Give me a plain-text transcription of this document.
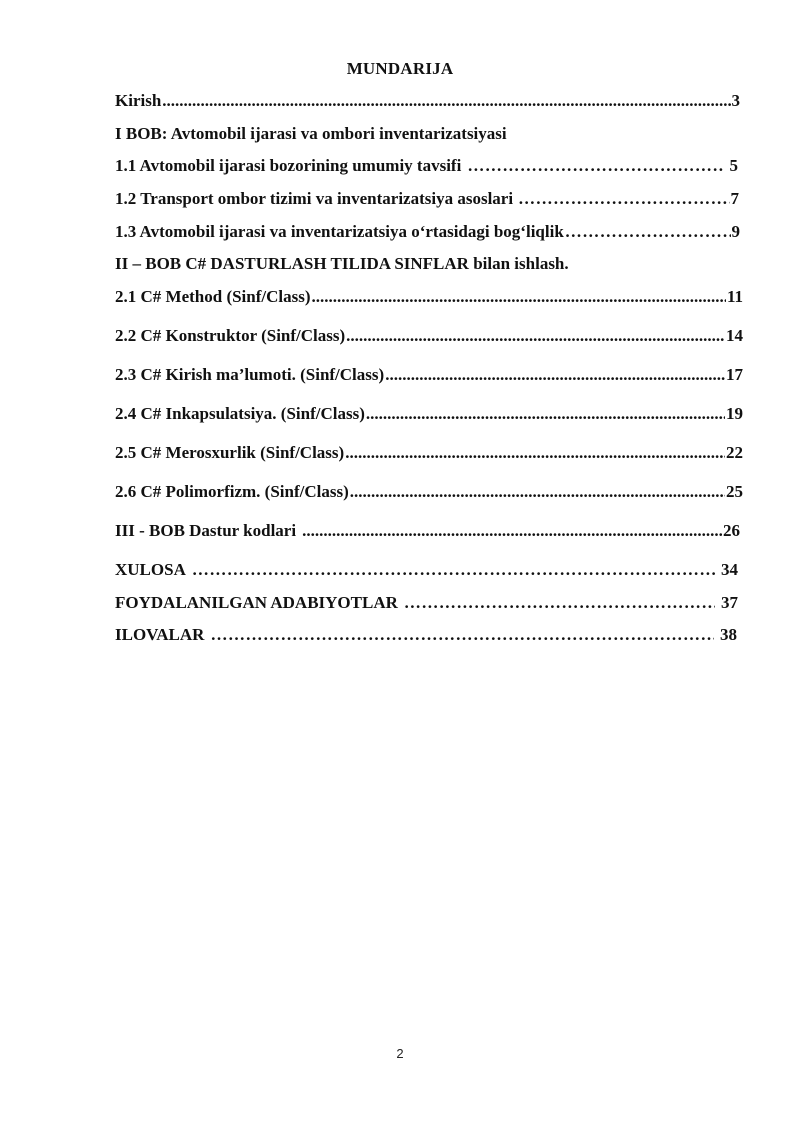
MUNDARIJA
Kirish .....	3
I BOB: Avtomobil ijarasi va ombori inventarizatsiyasi
1.1 Avtomobil ijarasi bozorining umumiy tavsifi …………………………………………………………………………………………………………………………………………………………………………	5
1.2 Transport ombor tizimi va inventarizatsiya asoslari …………………………………………………………………………………………………………………………………………………………………………	7
1.3 Avtomobil ijarasi va inventarizatsiya o‘rtasidagi bog‘liqlik …………………………………………………………………………………………………………………………………………………………………………	9
II – BOB C# DASTURLASH TILIDA SINFLAR bilan ishlash.
2.1 C# Method (Sinf/Class) .....	11
2.2 C# Konstruktor (Sinf/Class) .....	14
2.3 C# Kirish ma’lumoti. (Sinf/Class) .....	17
2.4 C# Inkapsulatsiya. (Sinf/Class) .....	19
2.5 C# Merosxurlik (Sinf/Class) .....	22
2.6 C# Polimorfizm. (Sinf/Class) .....	25
III - BOB Dastur kodlari .....	26
XULOSA …………………………………………………………………………………………………………………………………………………………………………	34
FOYDALANILGAN ADABIYOTLAR …………………………………………………………………………………………………………………………………………………………………………	37
ILOVALAR …………………………………………………………………………………………………………………………………………………………………………	38
2
